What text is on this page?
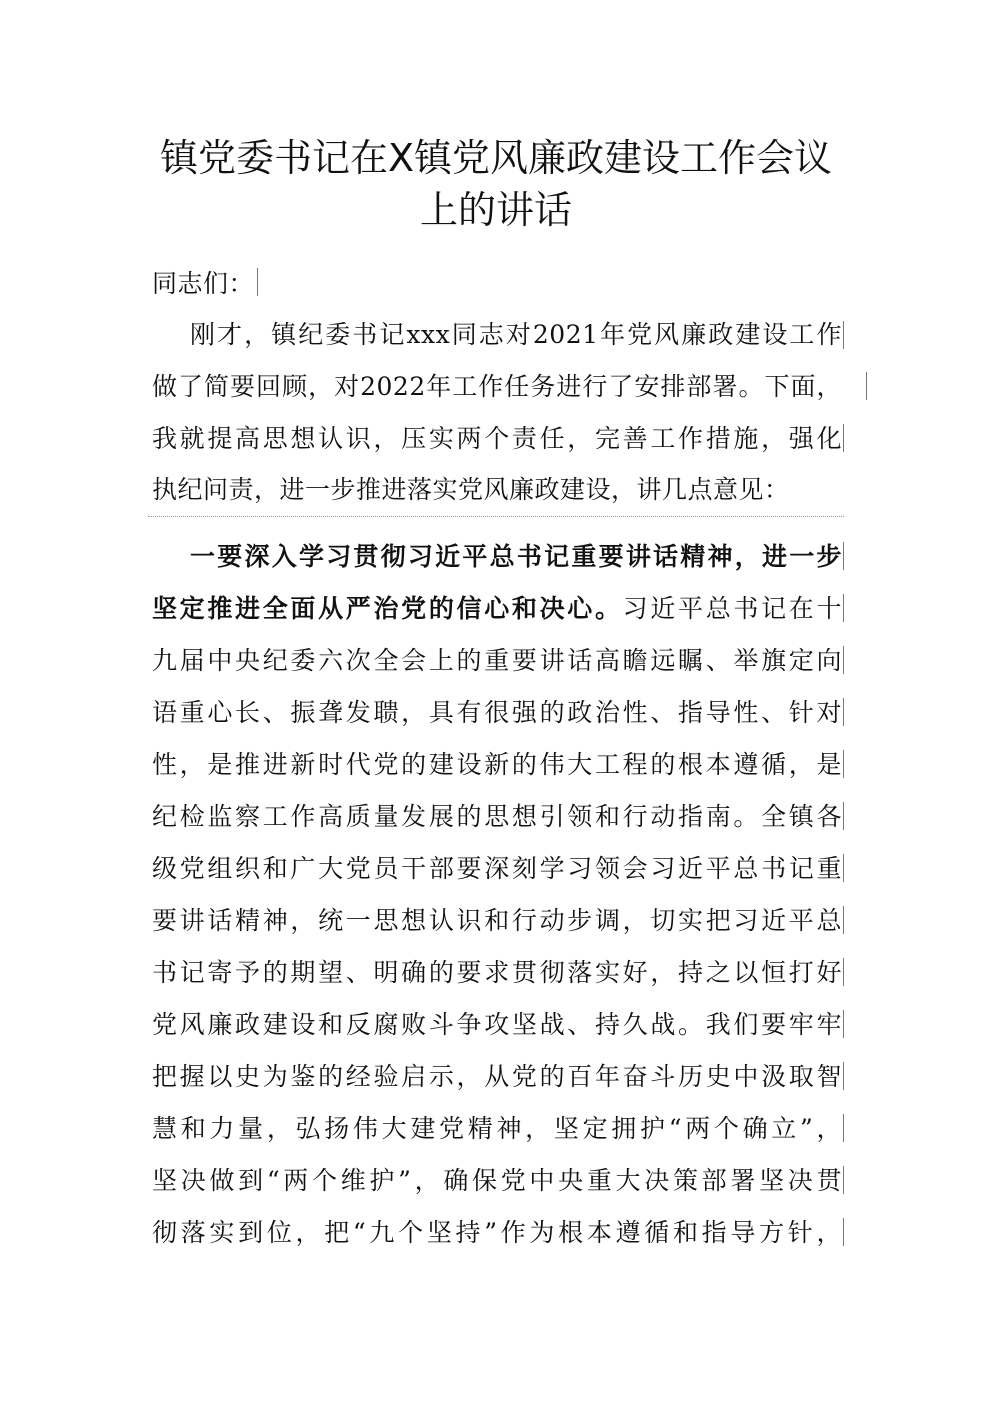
镇党委书记在X镇党风廉政建设工作会议
上的讲话
同志们：
刚才，镇纪委书记xxx同志对2021年党风廉政建设工作
做了简要回顾，对2022年工作任务进行了安排部署。下面，
我就提高思想认识，压实两个责任，完善工作措施，强化
执纪问责，进一步推进落实党风廉政建设，讲几点意见：
一要深入学习贯彻习近平总书记重要讲话精神，进一步
坚定推进全面从严治党的信心和决心。习近平总书记在十
九届中央纪委六次全会上的重要讲话高瞻远瞩、举旗定向
语重心长、振聋发聩，具有很强的政治性、指导性、针对
性，是推进新时代党的建设新的伟大工程的根本遵循，是
纪检监察工作高质量发展的思想引领和行动指南。全镇各
级党组织和广大党员干部要深刻学习领会习近平总书记重
要讲话精神，统一思想认识和行动步调，切实把习近平总
书记寄予的期望、明确的要求贯彻落实好，持之以恒打好
党风廉政建设和反腐败斗争攻坚战、持久战。我们要牢牢
把握以史为鉴的经验启示，从党的百年奋斗历史中汲取智
慧和力量，弘扬伟大建党精神，坚定拥护“两个确立”，
坚决做到“两个维护”，确保党中央重大决策部署坚决贯
彻落实到位，把“九个坚持”作为根本遵循和指导方针，
